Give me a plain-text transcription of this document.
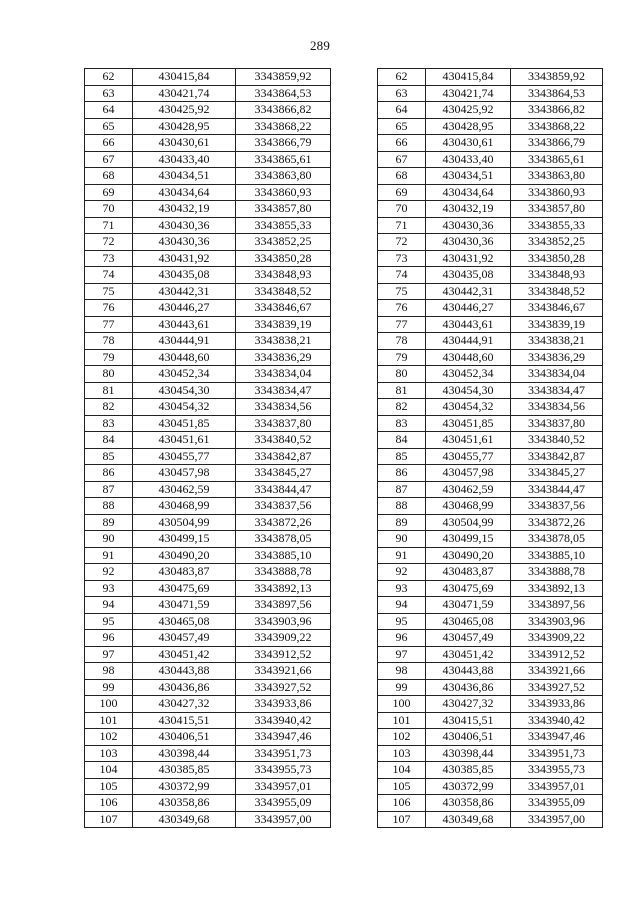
289
62	430415,84	3343859,92
63	430421,74	3343864,53
64	430425,92	3343866,82
65	430428,95	3343868,22
66	430430,61	3343866,79
67	430433,40	3343865,61
68	430434,51	3343863,80
69	430434,64	3343860,93
70	430432,19	3343857,80
71	430430,36	3343855,33
72	430430,36	3343852,25
73	430431,92	3343850,28
74	430435,08	3343848,93
75	430442,31	3343848,52
76	430446,27	3343846,67
77	430443,61	3343839,19
78	430444,91	3343838,21
79	430448,60	3343836,29
80	430452,34	3343834,04
81	430454,30	3343834,47
82	430454,32	3343834,56
83	430451,85	3343837,80
84	430451,61	3343840,52
85	430455,77	3343842,87
86	430457,98	3343845,27
87	430462,59	3343844,47
88	430468,99	3343837,56
89	430504,99	3343872,26
90	430499,15	3343878,05
91	430490,20	3343885,10
92	430483,87	3343888,78
93	430475,69	3343892,13
94	430471,59	3343897,56
95	430465,08	3343903,96
96	430457,49	3343909,22
97	430451,42	3343912,52
98	430443,88	3343921,66
99	430436,86	3343927,52
100	430427,32	3343933,86
101	430415,51	3343940,42
102	430406,51	3343947,46
103	430398,44	3343951,73
104	430385,85	3343955,73
105	430372,99	3343957,01
106	430358,86	3343955,09
107	430349,68	3343957,00
62	430415,84	3343859,92
63	430421,74	3343864,53
64	430425,92	3343866,82
65	430428,95	3343868,22
66	430430,61	3343866,79
67	430433,40	3343865,61
68	430434,51	3343863,80
69	430434,64	3343860,93
70	430432,19	3343857,80
71	430430,36	3343855,33
72	430430,36	3343852,25
73	430431,92	3343850,28
74	430435,08	3343848,93
75	430442,31	3343848,52
76	430446,27	3343846,67
77	430443,61	3343839,19
78	430444,91	3343838,21
79	430448,60	3343836,29
80	430452,34	3343834,04
81	430454,30	3343834,47
82	430454,32	3343834,56
83	430451,85	3343837,80
84	430451,61	3343840,52
85	430455,77	3343842,87
86	430457,98	3343845,27
87	430462,59	3343844,47
88	430468,99	3343837,56
89	430504,99	3343872,26
90	430499,15	3343878,05
91	430490,20	3343885,10
92	430483,87	3343888,78
93	430475,69	3343892,13
94	430471,59	3343897,56
95	430465,08	3343903,96
96	430457,49	3343909,22
97	430451,42	3343912,52
98	430443,88	3343921,66
99	430436,86	3343927,52
100	430427,32	3343933,86
101	430415,51	3343940,42
102	430406,51	3343947,46
103	430398,44	3343951,73
104	430385,85	3343955,73
105	430372,99	3343957,01
106	430358,86	3343955,09
107	430349,68	3343957,00
